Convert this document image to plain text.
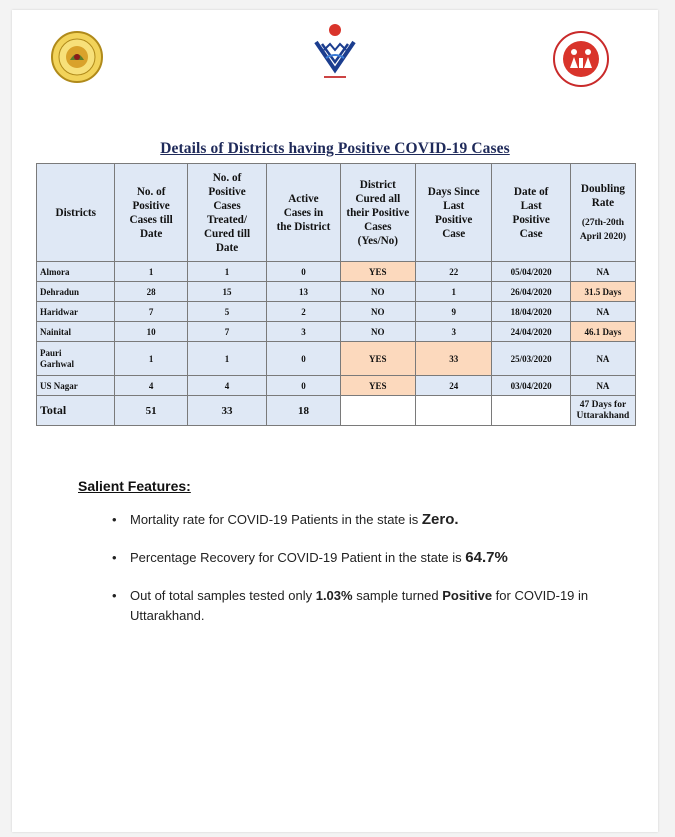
Details of Districts having Positive COVID-19 Cases
Districts	No. of Positive Cases till Date	No. of Positive Cases Treated/ Cured till Date	Active Cases in the District	District Cured all their Positive Cases (Yes/No)	Days Since Last Positive Case	Date of Last Positive Case	Doubling Rate
(27th-20th April 2020)

Almora	1	1	0	YES	22	05/04/2020	NA
Dehradun	28	15	13	NO	1	26/04/2020	31.5 Days
Haridwar	7	5	2	NO	9	18/04/2020	NA
Nainital	10	7	3	NO	3	24/04/2020	46.1 Days

Pauri Garhwal	1	1	0	YES	33	25/03/2020	NA
US Nagar	4	4	0	YES	24	03/04/2020	NA
Total	51	33	18				47 Days for Uttarakhand
Salient Features:
• Mortality rate for COVID-19 Patients in the state is Zero.
• Percentage Recovery for COVID-19 Patient in the state is 64.7%
• Out of total samples tested only 1.03% sample turned Positive for COVID-19 in Uttarakhand.
